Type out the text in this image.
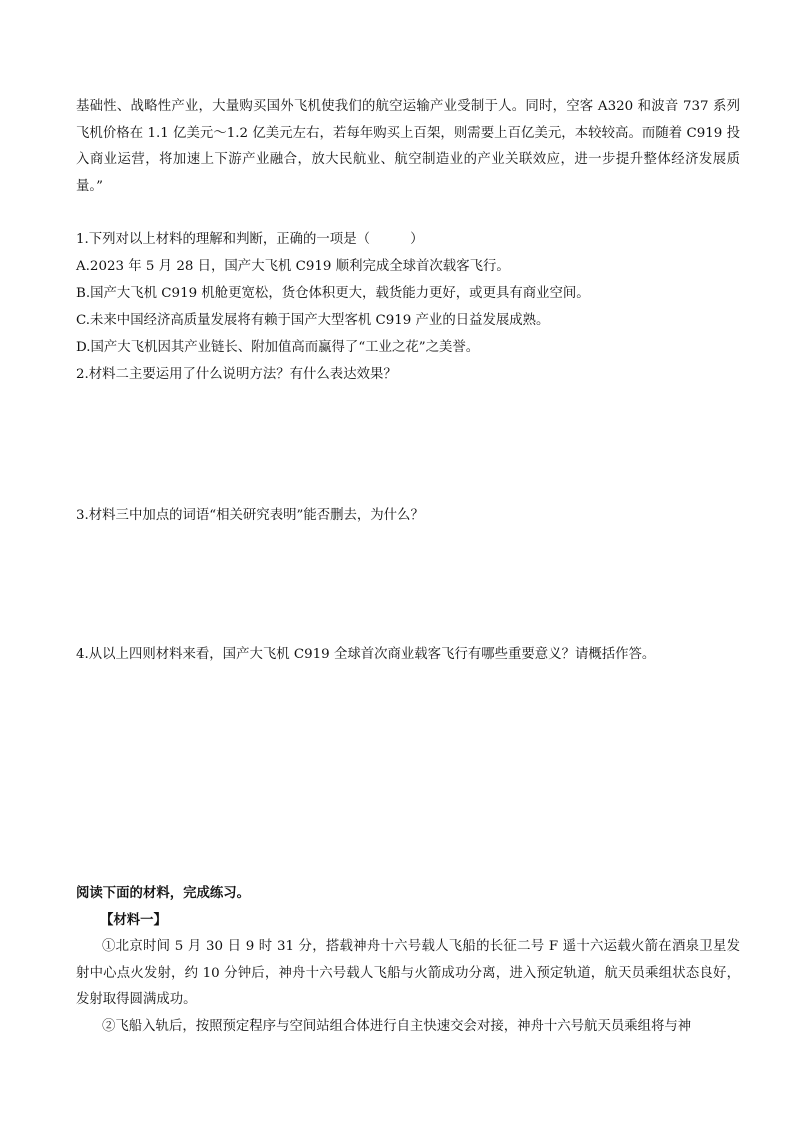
基础性、战略性产业，大量购买国外飞机使我们的航空运输产业受制于人。同时，空客 A320 和波音 737 系列飞机价格在 1.1 亿美元～1.2 亿美元左右，若每年购买上百架，则需要上百亿美元，本较较高。而随着 C919 投入商业运营，将加速上下游产业融合，放大民航业、航空制造业的产业关联效应，进一步提升整体经济发展质量。”

1.下列对以上材料的理解和判断，正确的一项是（　　　）
A.2023 年 5 月 28 日，国产大飞机 C919 顺利完成全球首次载客飞行。
B.国产大飞机 C919 机舱更宽松，货仓体积更大，载货能力更好，或更具有商业空间。
C.未来中国经济高质量发展将有赖于国产大型客机 C919 产业的日益发展成熟。
D.国产大飞机因其产业链长、附加值高而赢得了“工业之花”之美誉。
2.材料二主要运用了什么说明方法？有什么表达效果？
3.材料三中加点的词语“相关研究表明”能否删去，为什么？
4.从以上四则材料来看，国产大飞机 C919 全球首次商业载客飞行有哪些重要意义？请概括作答。
阅读下面的材料，完成练习。
【材料一】

①北京时间 5 月 30 日 9 时 31 分，搭载神舟十六号载人飞船的长征二号 F 遥十六运载火箭在酒泉卫星发射中心点火发射，约 10 分钟后，神舟十六号载人飞船与火箭成功分离，进入预定轨道，航天员乘组状态良好，发射取得圆满成功。

②飞船入轨后，按照预定程序与空间站组合体进行自主快速交会对接，神舟十六号航天员乘组将与神
